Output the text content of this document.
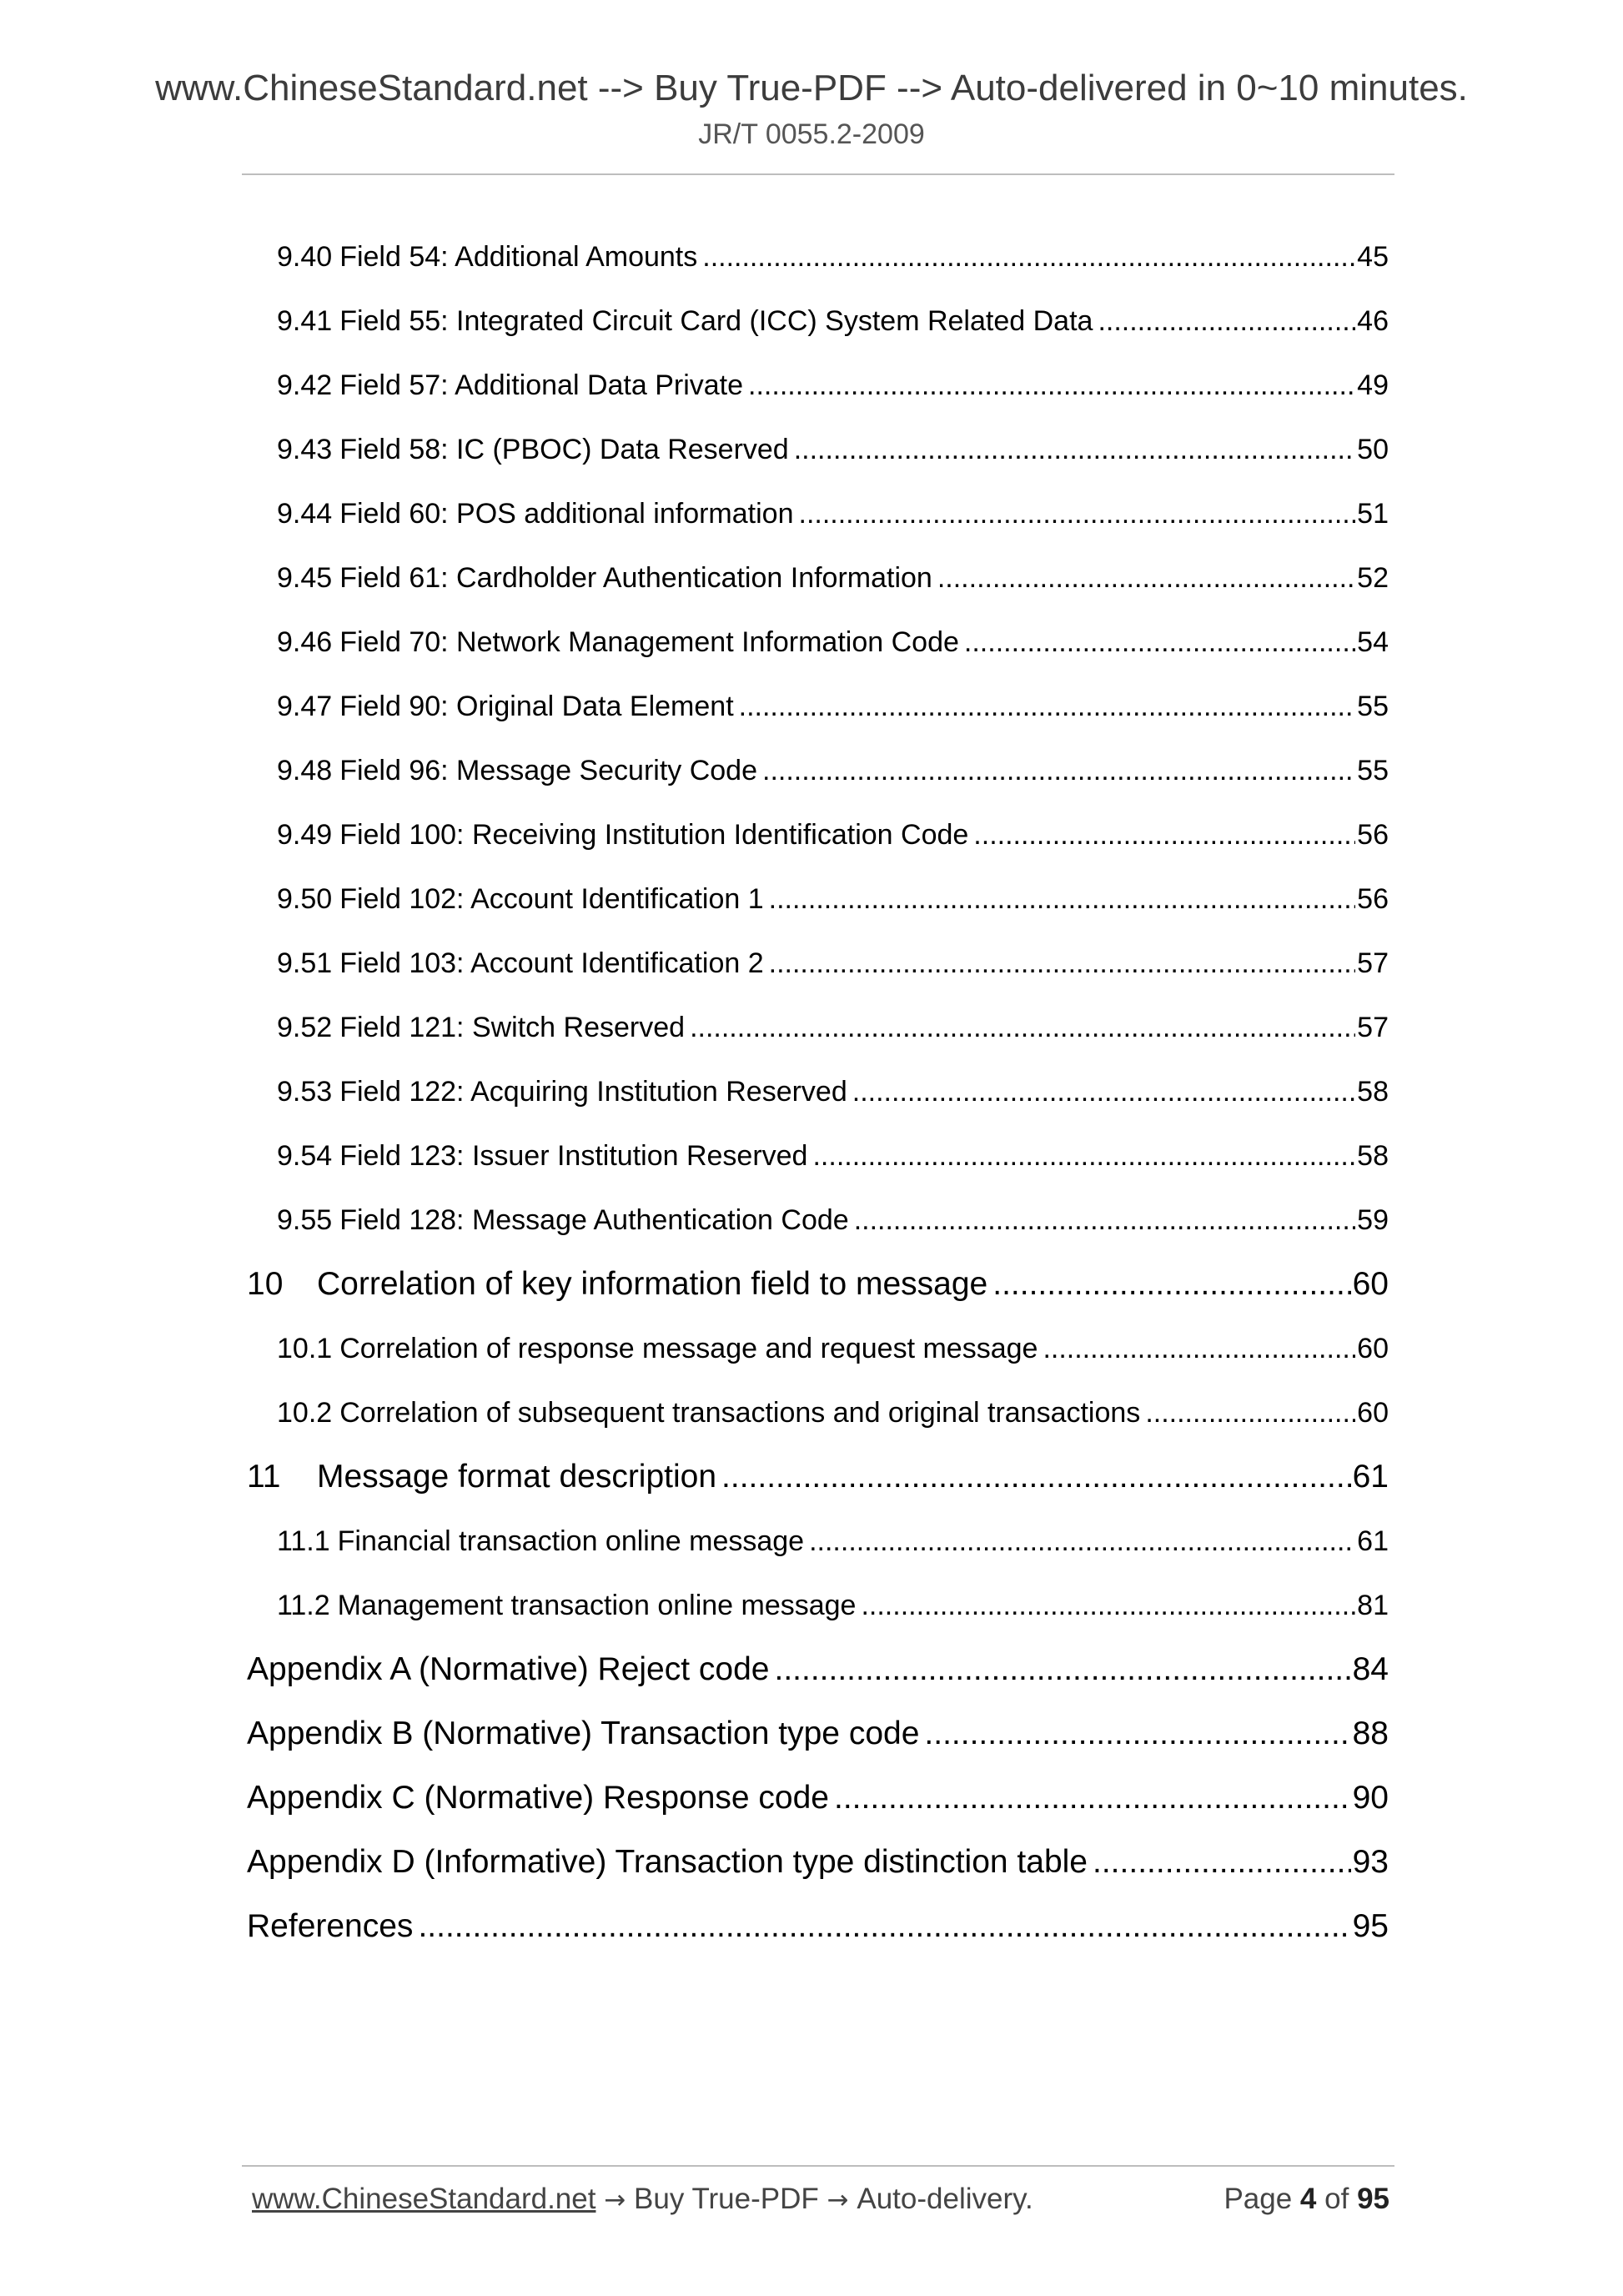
www.ChineseStandard.net --> Buy True-PDF --> Auto-delivered in 0~10 minutes.
JR/T 0055.2-2009
9.40 Field 54: Additional Amounts .....	45
9.41 Field 55: Integrated Circuit Card (ICC) System Related Data .....	46
9.42 Field 57: Additional Data Private .....	49
9.43 Field 58: IC (PBOC) Data Reserved .....	50
9.44 Field 60: POS additional information .....	51
9.45 Field 61: Cardholder Authentication Information .....	52
9.46 Field 70: Network Management Information Code .....	54
9.47 Field 90: Original Data Element .....	55
9.48 Field 96: Message Security Code .....	55
9.49 Field 100: Receiving Institution Identification Code .....	56
9.50 Field 102: Account Identification 1 .....	56
9.51 Field 103: Account Identification 2 .....	57
9.52 Field 121: Switch Reserved .....	57
9.53 Field 122: Acquiring Institution Reserved .....	58
9.54 Field 123: Issuer Institution Reserved .....	58
9.55 Field 128: Message Authentication Code .....	59
10	Correlation of key information field to message .....	60
10.1 Correlation of response message and request message .....	60
10.2 Correlation of subsequent transactions and original transactions .....	60
11	Message format description .....	61
11.1 Financial transaction online message .....	61
11.2 Management transaction online message .....	81
Appendix A (Normative) Reject code .....	84
Appendix B (Normative) Transaction type code .....	88
Appendix C (Normative) Response code .....	90
Appendix D (Informative) Transaction type distinction table .....	93
References .....	95
www.ChineseStandard.net → Buy True-PDF → Auto-delivery.	Page 4 of 95
